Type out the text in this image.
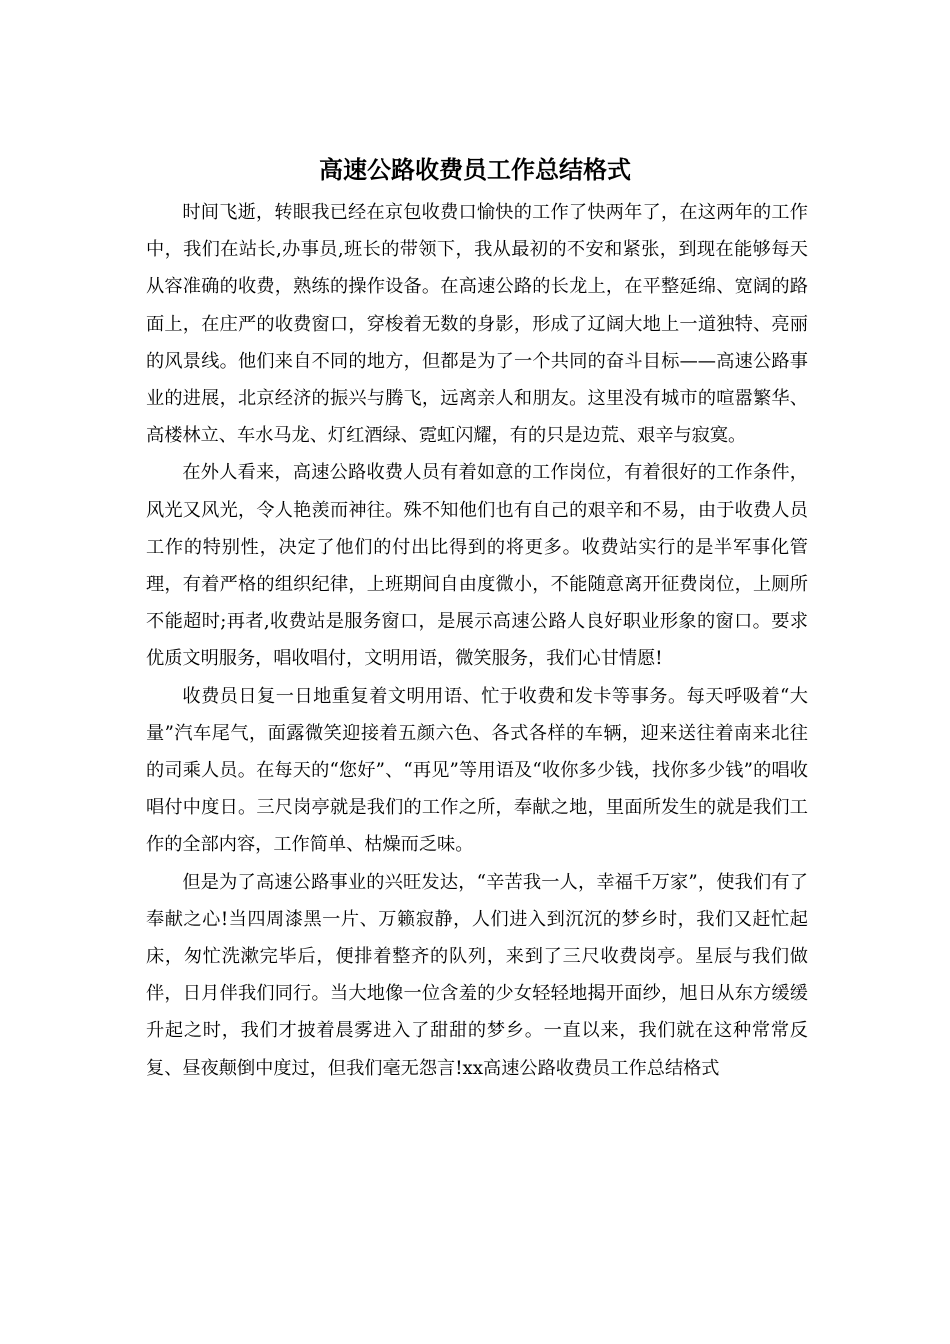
高速公路收费员工作总结格式

时间飞逝，转眼我已经在京包收费口愉快的工作了快两年了，在这两年的工作中，我们在站长,办事员,班长的带领下，我从最初的不安和紧张，到现在能够每天从容准确的收费，熟练的操作设备。在高速公路的长龙上，在平整延绵、宽阔的路面上，在庄严的收费窗口，穿梭着无数的身影，形成了辽阔大地上一道独特、亮丽的风景线。他们来自不同的地方，但都是为了一个共同的奋斗目标——高速公路事业的进展，北京经济的振兴与腾飞，远离亲人和朋友。这里没有城市的喧嚣繁华、高楼林立、车水马龙、灯红酒绿、霓虹闪耀，有的只是边荒、艰辛与寂寞。

在外人看来，高速公路收费人员有着如意的工作岗位，有着很好的工作条件，风光又风光，令人艳羡而神往。殊不知他们也有自己的艰辛和不易，由于收费人员工作的特别性，决定了他们的付出比得到的将更多。收费站实行的是半军事化管理，有着严格的组织纪律，上班期间自由度微小，不能随意离开征费岗位，上厕所不能超时;再者,收费站是服务窗口，是展示高速公路人良好职业形象的窗口。要求优质文明服务，唱收唱付，文明用语，微笑服务，我们心甘情愿!

收费员日复一日地重复着文明用语、忙于收费和发卡等事务。每天呼吸着“大量”汽车尾气，面露微笑迎接着五颜六色、各式各样的车辆，迎来送往着南来北往的司乘人员。在每天的“您好”、“再见”等用语及“收你多少钱，找你多少钱”的唱收唱付中度日。三尺岗亭就是我们的工作之所，奉献之地，里面所发生的就是我们工作的全部内容，工作简单、枯燥而乏味。

但是为了高速公路事业的兴旺发达，“辛苦我一人，幸福千万家”，使我们有了奉献之心!当四周漆黑一片、万籁寂静，人们进入到沉沉的梦乡时，我们又赶忙起床，匆忙洗漱完毕后，便排着整齐的队列，来到了三尺收费岗亭。星辰与我们做伴，日月伴我们同行。当大地像一位含羞的少女轻轻地揭开面纱，旭日从东方缓缓升起之时，我们才披着晨雾进入了甜甜的梦乡。一直以来，我们就在这种常常反复、昼夜颠倒中度过，但我们毫无怨言!xx高速公路收费员工作总结格式
